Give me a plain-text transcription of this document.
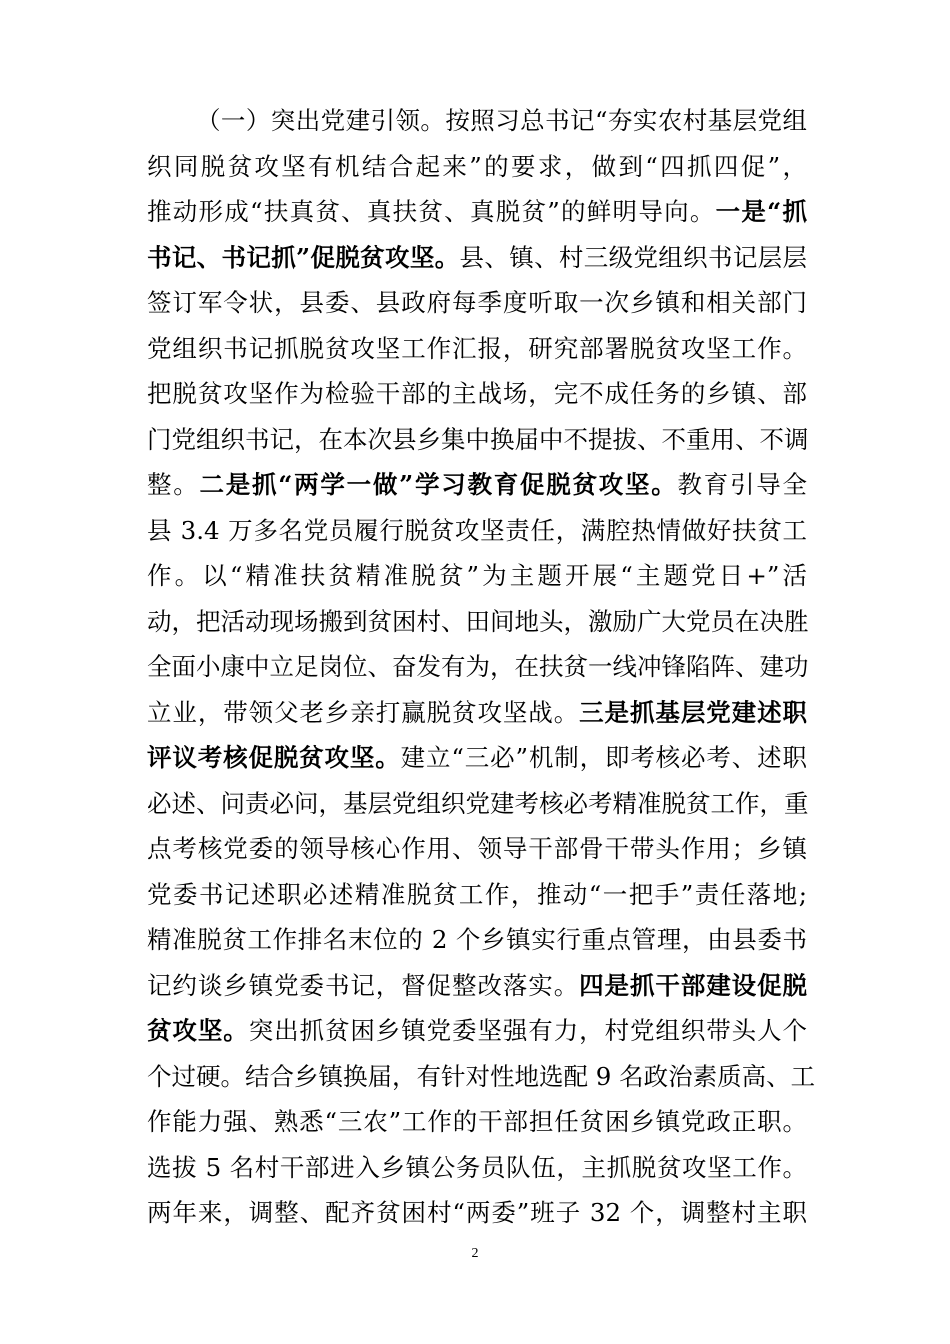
（一）突出党建引领。按照习总书记“夯实农村基层党组
织同脱贫攻坚有机结合起来”的要求，做到“四抓四促”，
推动形成“扶真贫、真扶贫、真脱贫”的鲜明导向。一是“抓
书记、书记抓”促脱贫攻坚。县、镇、村三级党组织书记层层
签订军令状，县委、县政府每季度听取一次乡镇和相关部门
党组织书记抓脱贫攻坚工作汇报，研究部署脱贫攻坚工作。
把脱贫攻坚作为检验干部的主战场，完不成任务的乡镇、部
门党组织书记，在本次县乡集中换届中不提拔、不重用、不调
整。二是抓“两学一做”学习教育促脱贫攻坚。教育引导全
县 3.4 万多名党员履行脱贫攻坚责任，满腔热情做好扶贫工
作。以“精准扶贫精准脱贫”为主题开展“主题党日+”活
动，把活动现场搬到贫困村、田间地头，激励广大党员在决胜
全面小康中立足岗位、奋发有为，在扶贫一线冲锋陷阵、建功
立业，带领父老乡亲打赢脱贫攻坚战。三是抓基层党建述职
评议考核促脱贫攻坚。建立“三必”机制，即考核必考、述职
必述、问责必问，基层党组织党建考核必考精准脱贫工作，重
点考核党委的领导核心作用、领导干部骨干带头作用；乡镇
党委书记述职必述精准脱贫工作，推动“一把手”责任落地;
精准脱贫工作排名末位的 2 个乡镇实行重点管理，由县委书
记约谈乡镇党委书记，督促整改落实。四是抓干部建设促脱
贫攻坚。突出抓贫困乡镇党委坚强有力，村党组织带头人个
个过硬。结合乡镇换届，有针对性地选配 9 名政治素质高、工
作能力强、熟悉“三农”工作的干部担任贫困乡镇党政正职。
选拔 5 名村干部进入乡镇公务员队伍，主抓脱贫攻坚工作。
两年来，调整、配齐贫困村“两委”班子 32 个，调整村主职
2
